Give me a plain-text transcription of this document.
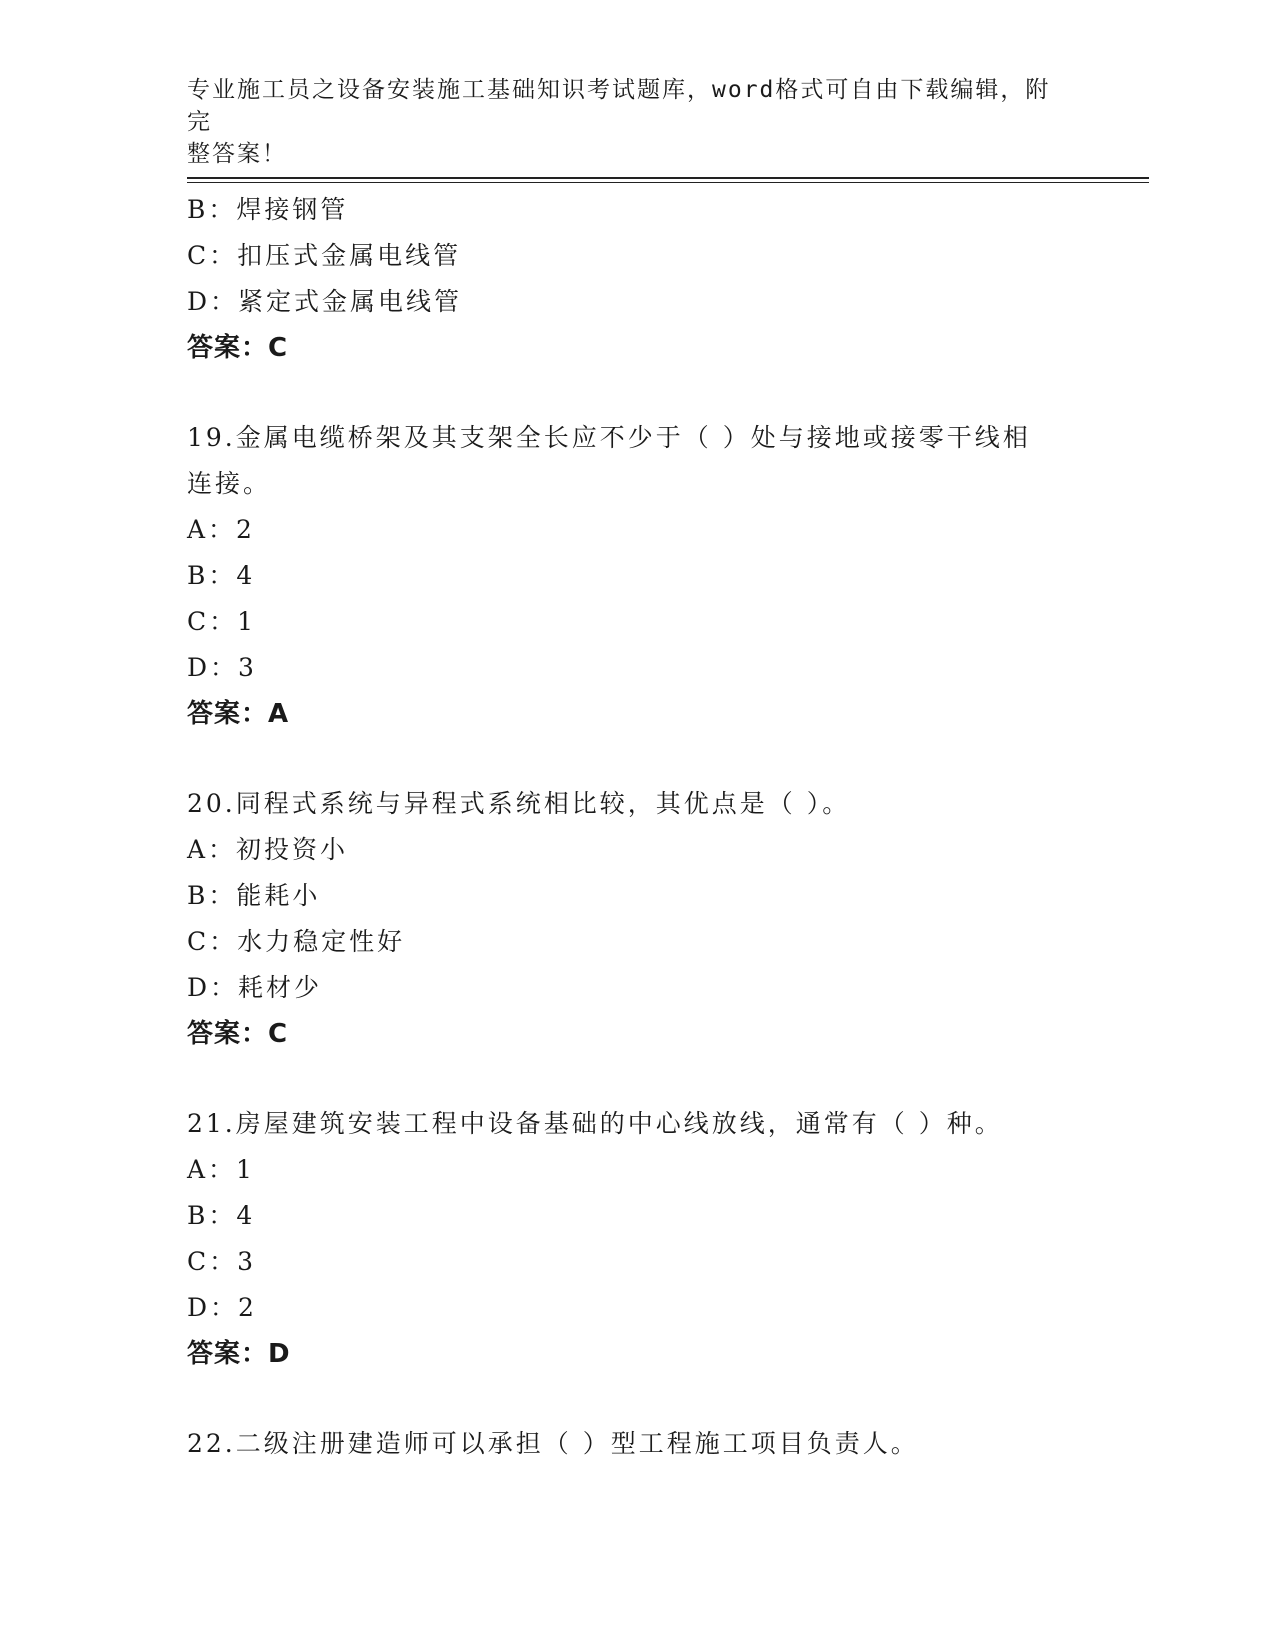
专业施工员之设备安装施工基础知识考试题库，word格式可自由下载编辑，附完
整答案！
B：焊接钢管
C：扣压式金属电线管
D：紧定式金属电线管
答案：C
19.金属电缆桥架及其支架全长应不少于（ ）处与接地或接零干线相
连接。
A：2
B：4
C：1
D：3
答案：A
20.同程式系统与异程式系统相比较，其优点是（ ）。
A：初投资小
B：能耗小
C：水力稳定性好
D：耗材少
答案：C
21.房屋建筑安装工程中设备基础的中心线放线，通常有（ ）种。
A：1
B：4
C：3
D：2
答案：D
22.二级注册建造师可以承担（ ）型工程施工项目负责人。
